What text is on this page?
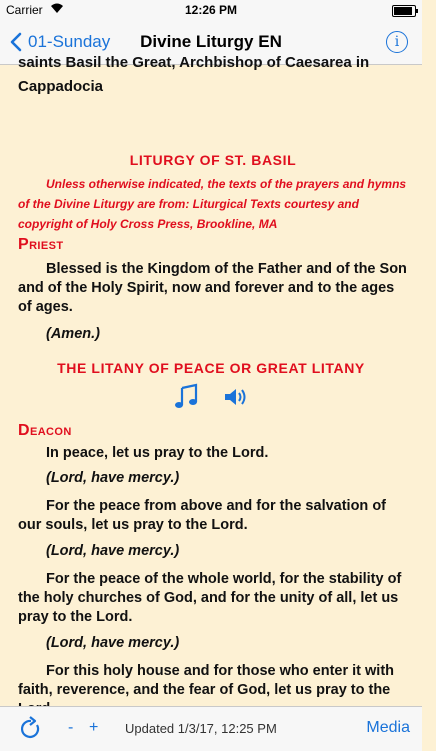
Carrier	12:26 PM
01-Sunday	Divine Liturgy EN	i
saints Basil the Great, Archbishop of Caesarea in
Cappadocia
LITURGY OF ST. BASIL
Unless otherwise indicated, the texts of the prayers and hymns of the Divine Liturgy are from: Liturgical Texts courtesy and copyright of Holy Cross Press, Brookline, MA
Priest
Blessed is the Kingdom of the Father and of the Son and of the Holy Spirit, now and forever and to the ages of ages.
(Amen.)
THE LITANY OF PEACE OR GREAT LITANY

Deacon
In peace, let us pray to the Lord.
(Lord, have mercy.)
For the peace from above and for the salvation of our souls, let us pray to the Lord.
(Lord, have mercy.)
For the peace of the whole world, for the stability of the holy churches of God, and for the unity of all, let us pray to the Lord.
(Lord, have mercy.)
For this holy house and for those who enter it with faith, reverence, and the fear of God, let us pray to the
- + Updated 1/3/17, 12:25 PM	Media
